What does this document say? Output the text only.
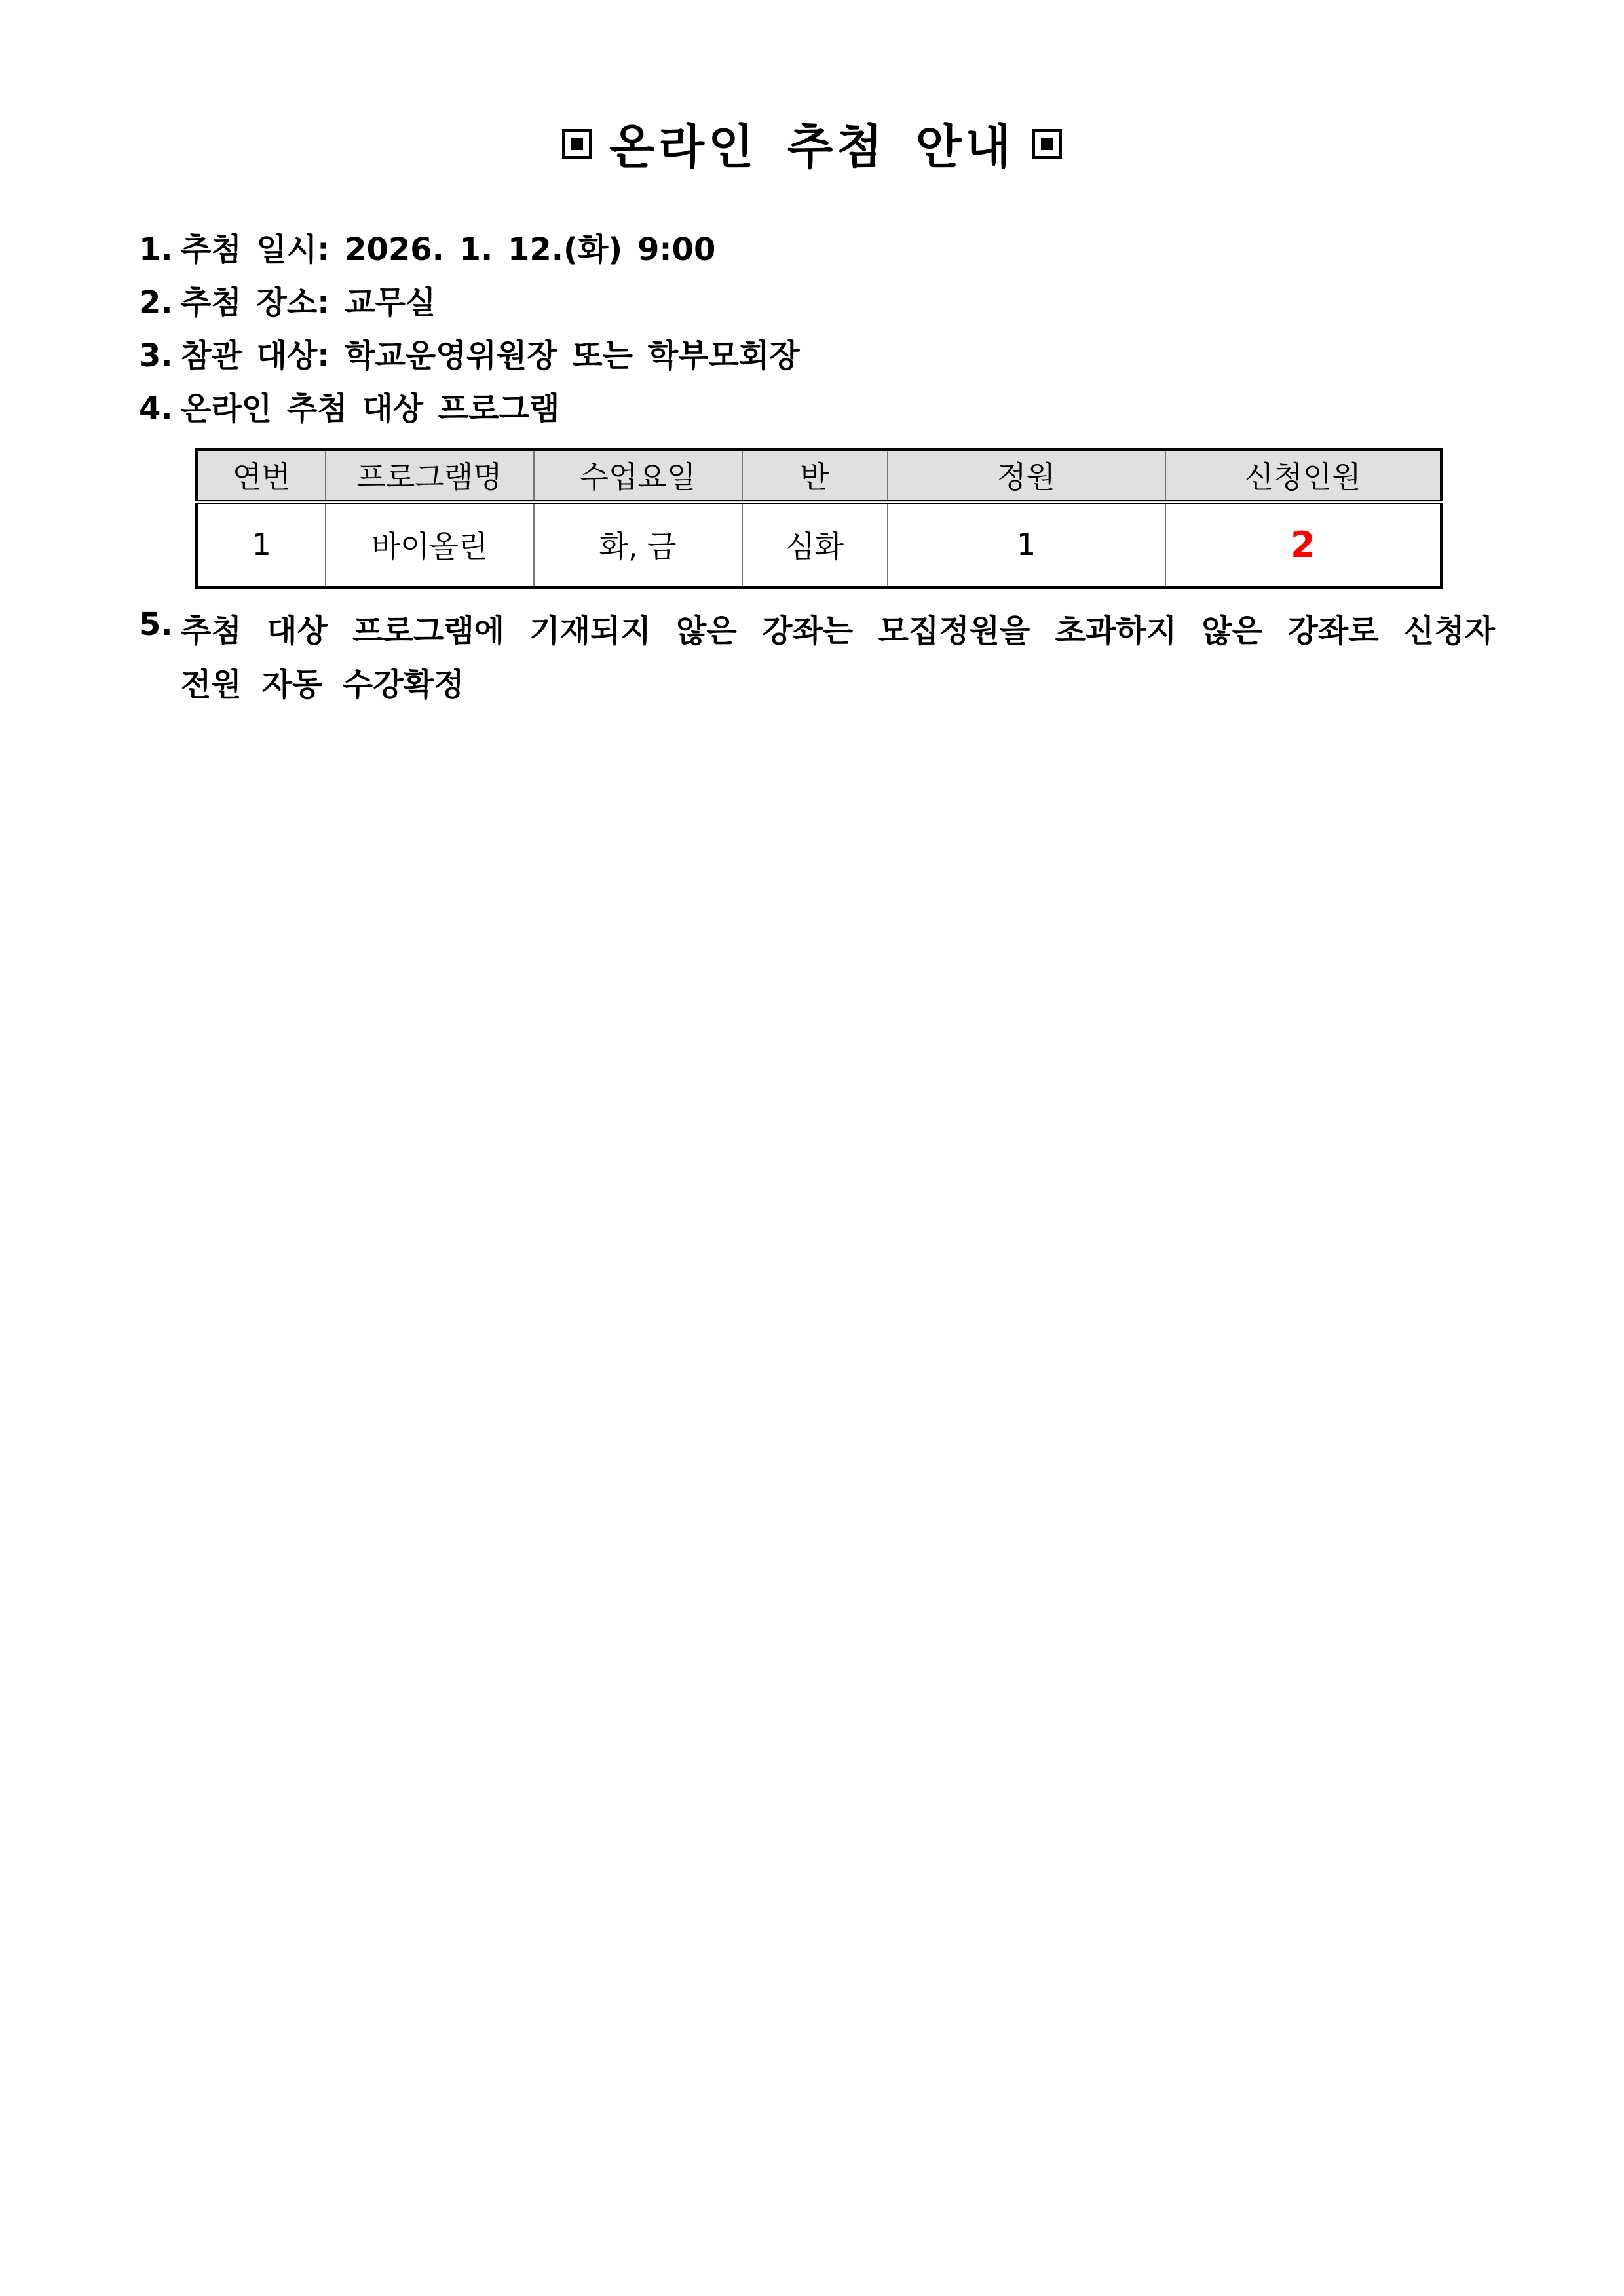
온라인 추첨 안내
1. 추첨 일시: 2026. 1. 12.(화) 9:00
2. 추첨 장소: 교무실
3. 참관 대상: 학교운영위원장 또는 학부모회장
4. 온라인 추첨 대상 프로그램
연번	프로그램명	수업요일	반	정원	신청인원
1	바이올린	화, 금	심화	1	2
5. 추첨 대상 프로그램에 기재되지 않은 강좌는 모집정원을 초과하지 않은 강좌로 신청자 전원 자동 수강확정
